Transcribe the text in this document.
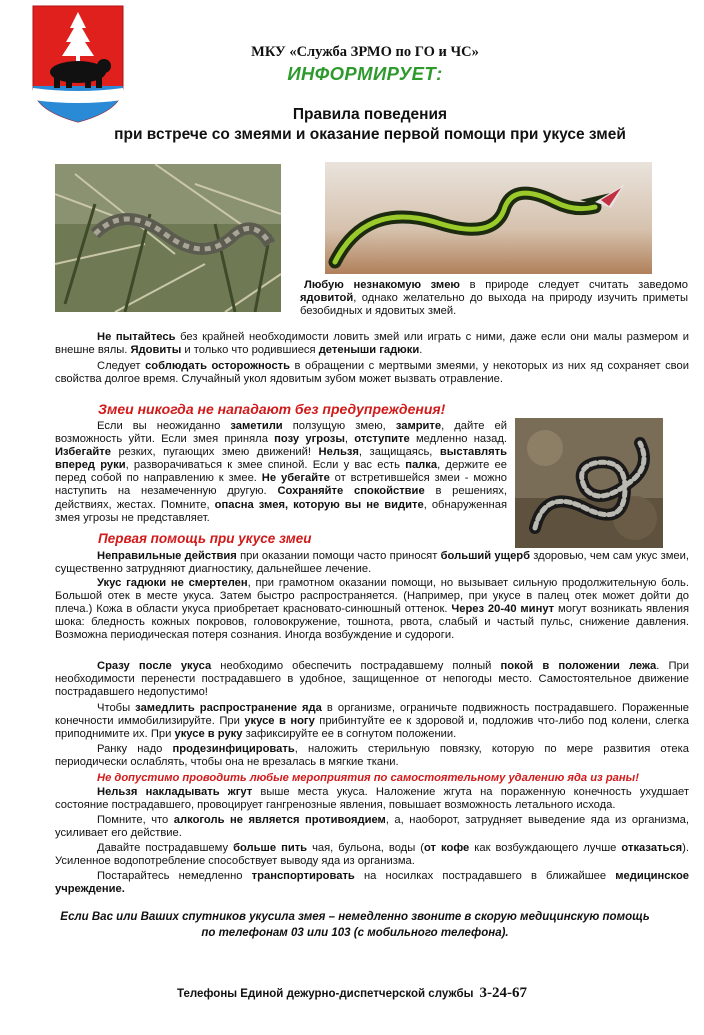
МКУ «Служба ЗРМО по ГО и ЧС»
ИНФОРМИРУЕТ:
Правила поведения
при встрече со змеями и оказание первой помощи при укусе змей
Любую незнакомую змею в природе следует считать заведомо ядовитой, однако желательно до выхода на природу изучить приметы безобидных и ядовитых змей.
Не пытайтесь без крайней необходимости ловить змей или играть с ними, даже если они малы размером и внешне вялы. Ядовиты и только что родившиеся детеныши гадюки.
Следует соблюдать осторожность в обращении с мертвыми змеями, у некоторых из них яд сохраняет свои свойства долгое время. Случайный укол ядовитым зубом может вызвать отравление.
Змеи никогда не нападают без предупреждения!
Если вы неожиданно заметили ползущую змею, замрите, дайте ей возможность уйти. Если змея приняла позу угрозы, отступите медленно назад. Избегайте резких, пугающих змею движений! Нельзя, защищаясь, выставлять вперед руки, разворачиваться к змее спиной. Если у вас есть палка, держите ее перед собой по направлению к змее. Не убегайте от встретившейся змеи - можно наступить на незамеченную другую. Сохраняйте спокойствие в решениях, действиях, жестах. Помните, опасна змея, которую вы не видите, обнаруженная змея угрозы не представляет.
Первая помощь при укусе змеи
Неправильные действия при оказании помощи часто приносят больший ущерб здоровью, чем сам укус змеи, существенно затрудняют диагностику, дальнейшее лечение.
Укус гадюки не смертелен, при грамотном оказании помощи, но вызывает сильную продолжительную боль. Большой отек в месте укуса. Затем быстро распространяется. (Например, при укусе в палец отек может дойти до плеча.) Кожа в области укуса приобретает красновато-синюшный оттенок. Через 20-40 минут могут возникать явления шока: бледность кожных покровов, головокружение, тошнота, рвота, слабый и частый пульс, снижение давления. Возможна периодическая потеря сознания. Иногда возбуждение и судороги.
Сразу после укуса необходимо обеспечить пострадавшему полный покой в положении лежа. При необходимости перенести пострадавшего в удобное, защищенное от непогоды место. Самостоятельное движение пострадавшего недопустимо!
Чтобы замедлить распространение яда в организме, ограничьте подвижность пострадавшего. Пораженные конечности иммобилизируйте. При укусе в ногу прибинтуйте ее к здоровой и, подложив что-либо под колени, слегка приподнимите их. При укусе в руку зафиксируйте ее в согнутом положении.
Ранку надо продезинфицировать, наложить стерильную повязку, которую по мере развития отека периодически ослаблять, чтобы она не врезалась в мягкие ткани.
Не допустимо проводить любые мероприятия по самостоятельному удалению яда из раны!
Нельзя накладывать жгут выше места укуса. Наложение жгута на пораженную конечность ухудшает состояние пострадавшего, провоцирует гангренозные явления, повышает возможность летального исхода.
Помните, что алкоголь не является противоядием, а, наоборот, затрудняет выведение яда из организма, усиливает его действие.
Давайте пострадавшему больше пить чая, бульона, воды (от кофе как возбуждающего лучше отказаться). Усиленное водопотребление способствует выводу яда из организма.
Постарайтесь немедленно транспортировать на носилках пострадавшего в ближайшее медицинское учреждение.
Если Вас или Ваших спутников укусила змея – немедленно звоните в скорую медицинскую помощь
по телефонам 03 или 103 (с мобильного телефона).
Телефоны Единой дежурно-диспетчерской службы 3-24-67
